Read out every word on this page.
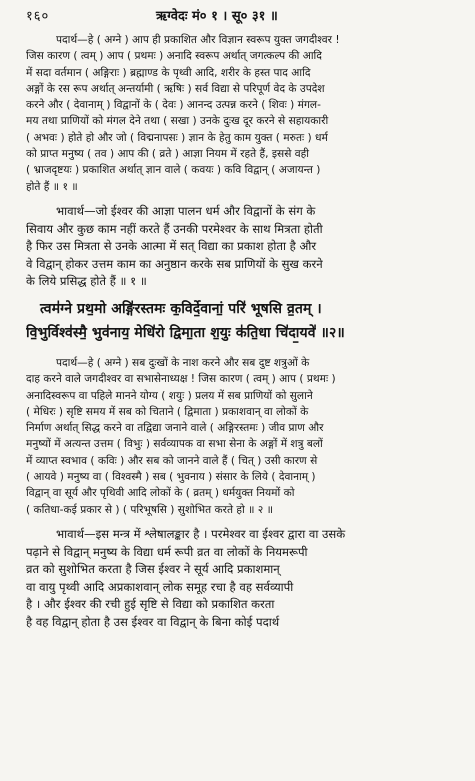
१६०	ऋग्वेदः मं० १ । सू० ३१ ॥
पदार्थ—हे ( अग्ने ) आप ही प्रकाशित और विज्ञान स्वरूप युक्त जगदीश्वर !
जिस कारण ( त्वम् ) आप ( प्रथमः ) अनादि स्वरूप अर्थात् जगत्कल्प की आदि
में सदा वर्तमान ( अङ्गिराः ) ब्रह्माण्ड के पृथ्वी आदि, शरीर के हस्त पाद आदि
अङ्गों के रस रूप अर्थात् अन्तर्यामी ( ऋषिः ) सर्व विद्या से परिपूर्ण वेद के उपदेश
करने और ( देवानाम् ) विद्वानों के ( देवः ) आनन्द उत्पन्न करने ( शिवः ) मंगल-
मय तथा प्राणियों को मंगल देने तथा ( सखा ) उनके दुःख दूर करने से सहायकारी
( अभवः ) होते हो और जो ( विद्मनापसः ) ज्ञान के हेतु काम युक्त ( मरुतः ) धर्म
को प्राप्त मनुष्य ( तव ) आप की ( व्रते ) आज्ञा नियम में रहते हैं, इससे वही
( भ्राजदृष्टयः ) प्रकाशित अर्थात् ज्ञान वाले ( कवयः ) कवि विद्वान् ( अजायन्त )
होते हैं ॥ १ ॥
भावार्थ—जो ईश्वर की आज्ञा पालन धर्म और विद्वानों के संग के
सिवाय और कुछ काम नहीं करते हैं उनकी परमेश्वर के साथ मित्रता होती
है फिर उस मित्रता से उनके आत्मा में सत् विद्या का प्रकाश होता है और
वे विद्वान् होकर उत्तम काम का अनुष्ठान करके सब प्राणियों के सुख करने
के लिये प्रसिद्ध होते हैं ॥ १ ॥
त्वम॑ग्ने प्रथ॒मो अङ्गि॑रस्तमः क॒विर्दे॒वानां॒ परि॑ भूषसि व्र॒तम् ।
वि॒भुर्विश्व॑स्मै॒ भुव॑नाय॒ मेधि॑रो द्विमा॒ता श॒युः क॑ति॒धा चि॑दा॒यवे॑ ॥२॥
पदार्थ—हे ( अग्ने ) सब दुःखों के नाश करने और सब दुष्ट शत्रुओं के
दाह करने वाले जगदीश्वर वा सभासेनाध्यक्ष ! जिस कारण ( त्वम् ) आप ( प्रथमः )
अनादिस्वरूप वा पहिले मानने योग्य ( शयुः ) प्रलय में सब प्राणियों को सुलाने
( मेधिरः ) सृष्टि समय में सब को चिताने ( द्विमाता ) प्रकाशवान् वा लोकों के
निर्माण अर्थात् सिद्ध करने वा तद्विद्या जनाने वाले ( अङ्गिरस्तमः ) जीव प्राण और
मनुष्यों में अत्यन्त उत्तम ( विभुः ) सर्वव्यापक वा सभा सेना के अङ्गों में शत्रु बलों
में व्याप्त स्वभाव ( कविः ) और सब को जानने वाले हैं ( चित् ) उसी कारण से
( आयवे ) मनुष्य वा ( विश्वस्मै ) सब ( भुवनाय ) संसार के लिये ( देवानाम् )
विद्वान् वा सूर्य और पृथिवी आदि लोकों के ( व्रतम् ) धर्मयुक्त नियमों को
( कतिधा-कई प्रकार से ) ( परिभूषसि ) सुशोभित करते हो ॥ २ ॥
भावार्थ—इस मन्त्र में श्लेषालङ्कार है । परमेश्वर वा ईश्वर द्वारा वा उसके
पढ़ाने से विद्वान् मनुष्य के विद्या धर्म रूपी व्रत वा लोकों के नियमरूपी
व्रत को सुशोभित करता है जिस ईश्वर ने सूर्य आदि प्रकाशमान्
वा वायु पृथ्वी आदि अप्रकाशवान् लोक समूह रचा है वह सर्वव्यापी
है । और ईश्वर की रची हुई सृष्टि से विद्या को प्रकाशित करता
है वह विद्वान् होता है उस ईश्वर वा विद्वान् के बिना कोई पदार्थ
